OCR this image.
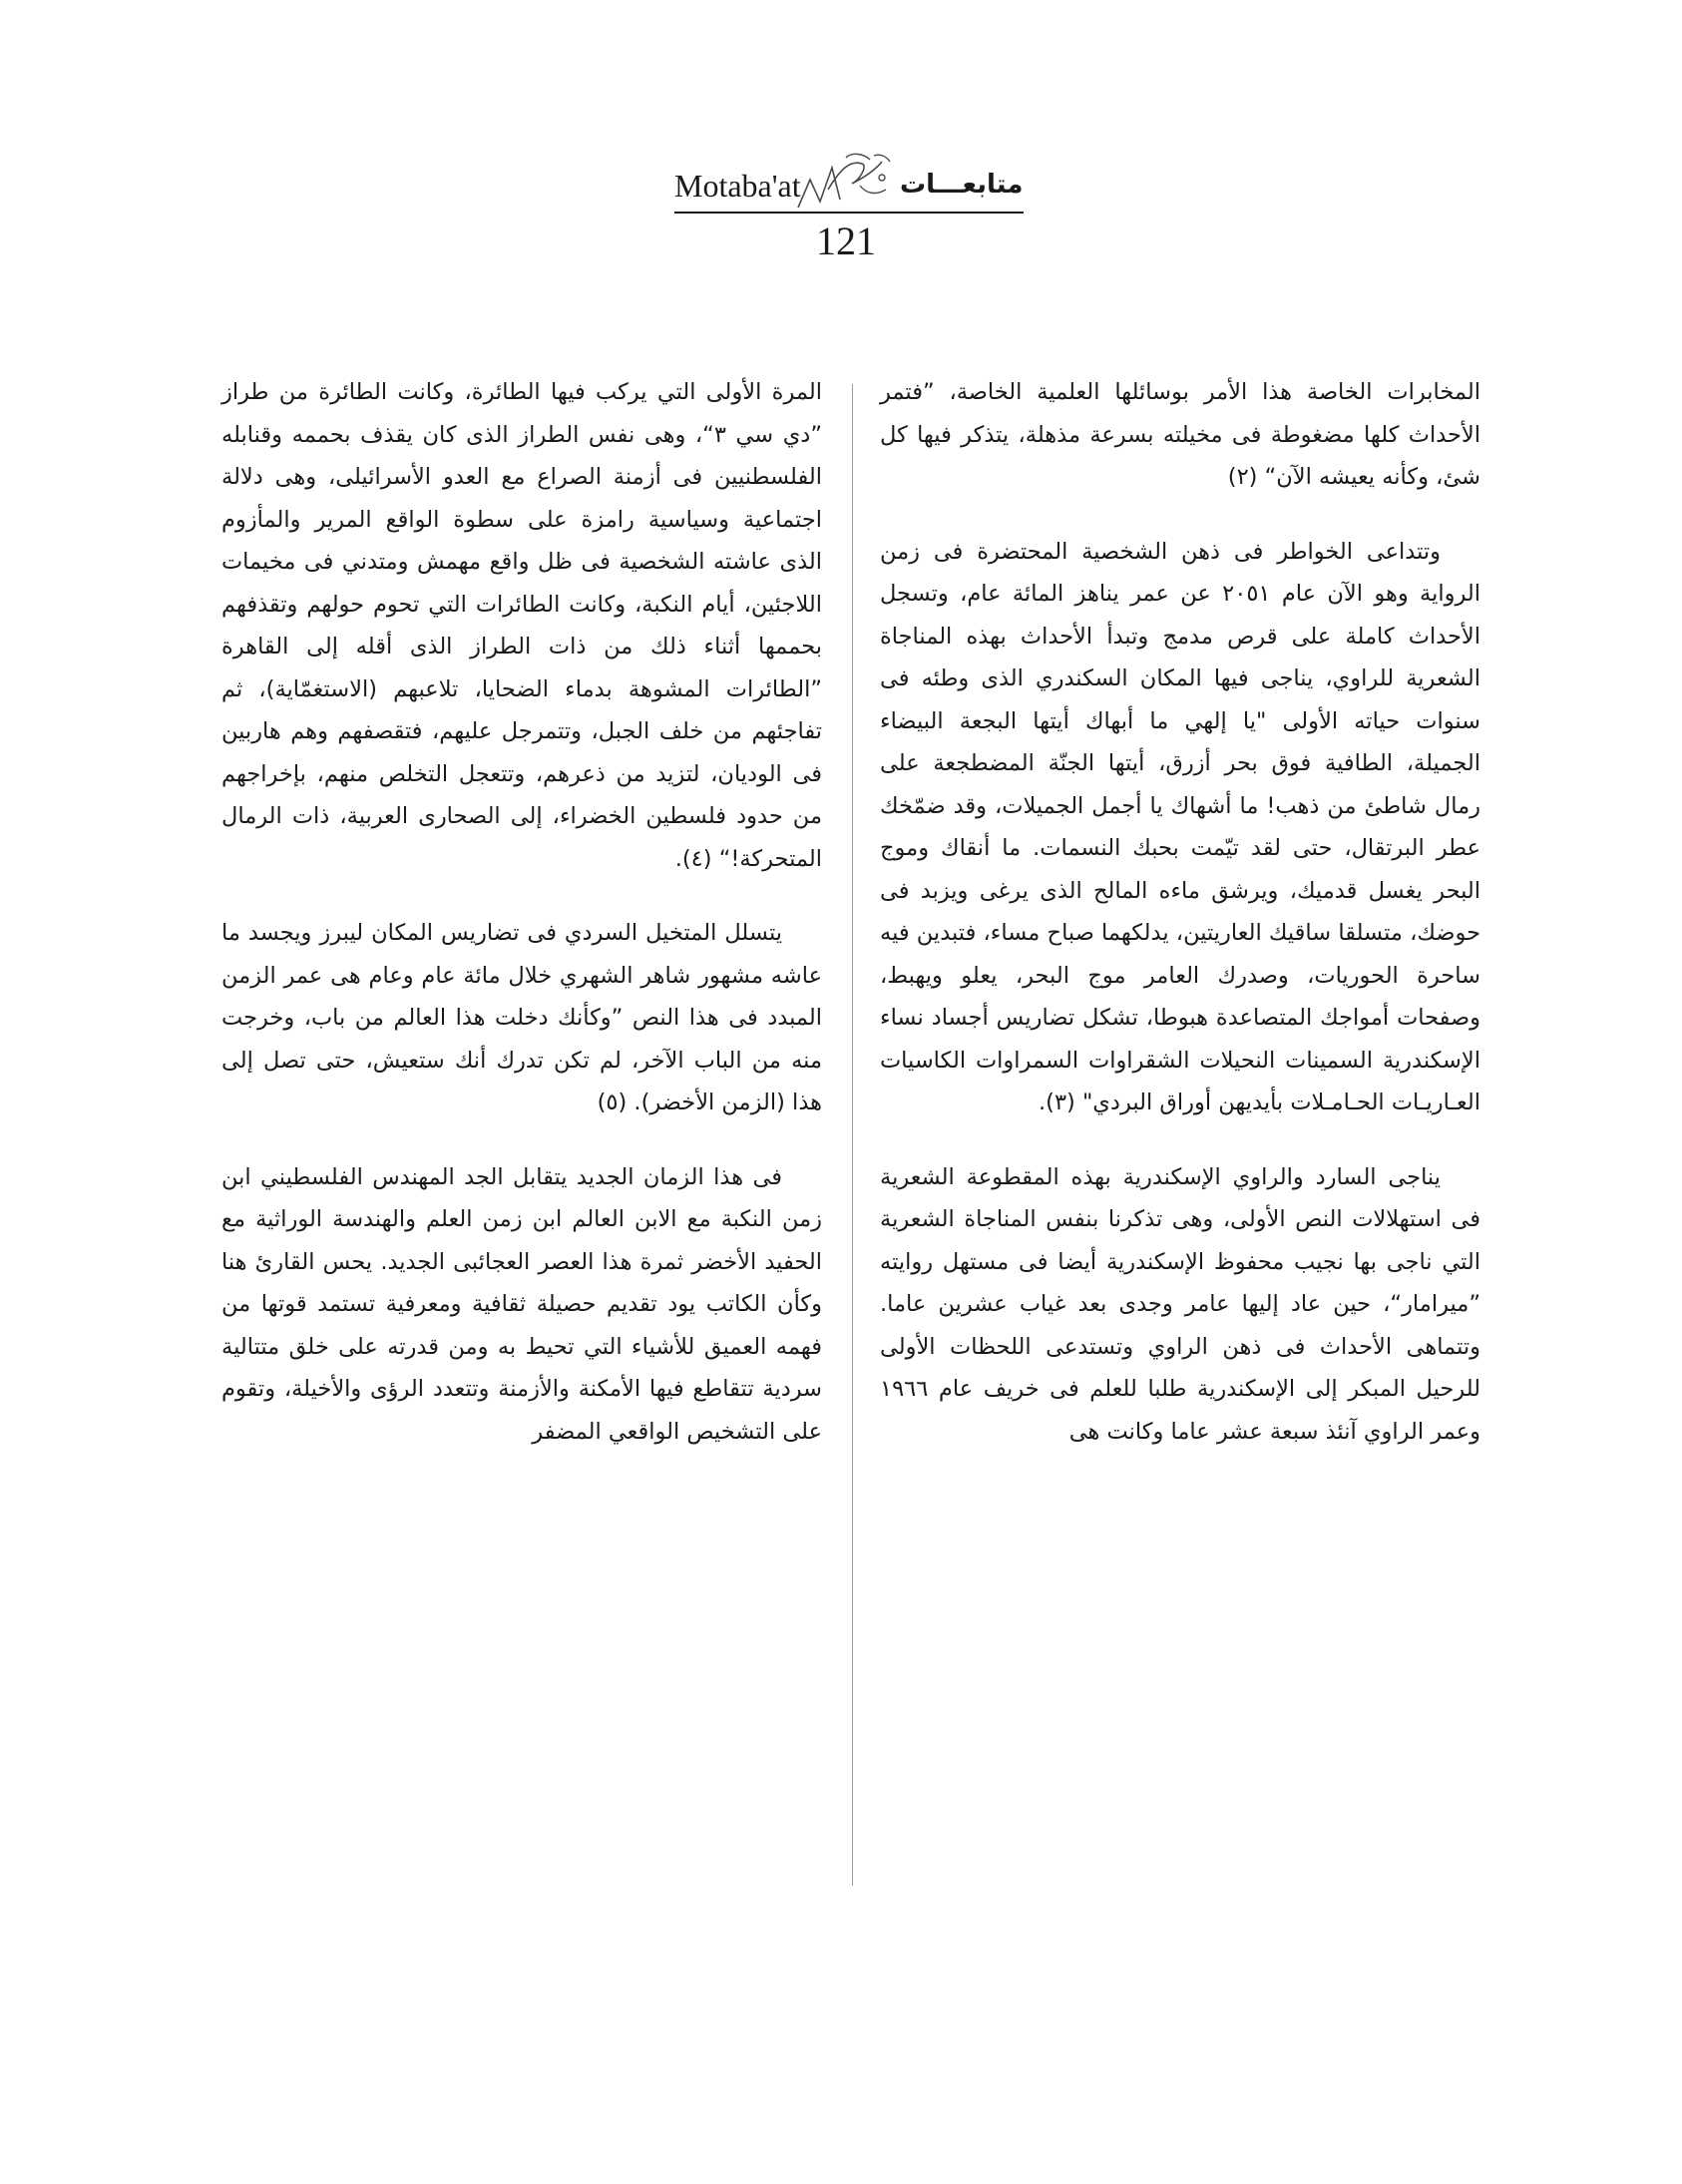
Motaba'at	متابعـــات
121

المخابرات الخاصة هذا الأمر بوسائلها العلمية الخاصة، ”فتمر الأحداث كلها مضغوطة فى مخيلته بسرعة مذهلة، يتذكر فيها كل شئ، وكأنه يعيشه الآن“ (٢)

وتتداعى الخواطر فى ذهن الشخصية المحتضرة فى زمن الرواية وهو الآن عام ٢٠٥١ عن عمر يناهز المائة عام، وتسجل الأحداث كاملة على قرص مدمج وتبدأ الأحداث بهذه المناجاة الشعرية للراوي، يناجى فيها المكان السكندري الذى وطئه فى سنوات حياته الأولى "يا إلهي ما أبهاك أيتها البجعة البيضاء الجميلة، الطافية فوق بحر أزرق، أيتها الجنّة المضطجعة على رمال شاطئ من ذهب! ما أشهاك يا أجمل الجميلات، وقد ضمّخك عطر البرتقال، حتى لقد تيّمت بحبك النسمات. ما أنقاك وموج البحر يغسل قدميك، ويرشق ماءه المالح الذى يرغى ويزبد فى حوضك، متسلقا ساقيك العاريتين، يدلكهما صباح مساء، فتبدين فيه ساحرة الحوريات، وصدرك العامر موج البحر، يعلو ويهبط، وصفحات أمواجك المتصاعدة هبوطا، تشكل تضاريس أجساد نساء الإسكندرية السمينات النحيلات الشقراوات السمراوات الكاسيات العـاريـات الحـامـلات بأيديهن أوراق البردي" (٣).

يناجى السارد والراوي الإسكندرية بهذه المقطوعة الشعرية فى استهلالات النص الأولى، وهى تذكرنا بنفس المناجاة الشعرية التي ناجى بها نجيب محفوظ الإسكندرية أيضا فى مستهل روايته ”ميرامار“، حين عاد إليها عامر وجدى بعد غياب عشرين عاما. وتتماهى الأحداث فى ذهن الراوي وتستدعى اللحظات الأولى للرحيل المبكر إلى الإسكندرية طلبا للعلم فى خريف عام ١٩٦٦ وعمر الراوي آنئذ سبعة عشر عاما وكانت هى

المرة الأولى التي يركب فيها الطائرة، وكانت الطائرة من طراز ”دي سي ٣“، وهى نفس الطراز الذى كان يقذف بحممه وقنابله الفلسطنيين فى أزمنة الصراع مع العدو الأسرائيلى، وهى دلالة اجتماعية وسياسية رامزة على سطوة الواقع المرير والمأزوم الذى عاشته الشخصية فى ظل واقع مهمش ومتدني فى مخيمات اللاجئين، أيام النكبة، وكانت الطائرات التي تحوم حولهم وتقذفهم بحممها أثناء ذلك من ذات الطراز الذى أقله إلى القاهرة ”الطائرات المشوهة بدماء الضحايا، تلاعبهم (الاستغمّاية)، ثم تفاجئهم من خلف الجبل، وتتمرجل عليهم، فتقصفهم وهم هاربين فى الوديان، لتزيد من ذعرهم، وتتعجل التخلص منهم، بإخراجهم من حدود فلسطين الخضراء، إلى الصحارى العربية، ذات الرمال المتحركة!“ (٤).

يتسلل المتخيل السردي فى تضاريس المكان ليبرز ويجسد ما عاشه مشهور شاهر الشهري خلال مائة عام وعام هى عمر الزمن المبدد فى هذا النص ”وكأنك دخلت هذا العالم من باب، وخرجت منه من الباب الآخر، لم تكن تدرك أنك ستعيش، حتى تصل إلى هذا (الزمن الأخضر). (٥)

فى هذا الزمان الجديد يتقابل الجد المهندس الفلسطيني ابن زمن النكبة مع الابن العالم ابن زمن العلم والهندسة الوراثية مع الحفيد الأخضر ثمرة هذا العصر العجائبى الجديد. يحس القارئ هنا وكأن الكاتب يود تقديم حصيلة ثقافية ومعرفية تستمد قوتها من فهمه العميق للأشياء التي تحيط به ومن قدرته على خلق متتالية سردية تتقاطع فيها الأمكنة والأزمنة وتتعدد الرؤى والأخيلة، وتقوم على التشخيص الواقعي المضفر
